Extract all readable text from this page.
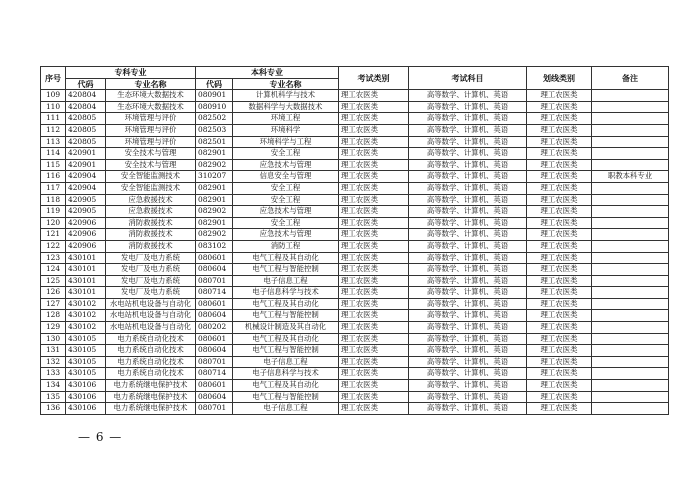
序号	专科专业		本科专业		考试类别	考试科目	划线类别	备注
	代码	专业名称	代码	专业名称				
109	420804	生态环境大数据技术	080901	计算机科学与技术	理工农医类	高等数学、计算机、英语	理工农医类	
110	420804	生态环境大数据技术	080910	数据科学与大数据技术	理工农医类	高等数学、计算机、英语	理工农医类	
111	420805	环境管理与评价	082502	环境工程	理工农医类	高等数学、计算机、英语	理工农医类	
112	420805	环境管理与评价	082503	环境科学	理工农医类	高等数学、计算机、英语	理工农医类	
113	420805	环境管理与评价	082501	环境科学与工程	理工农医类	高等数学、计算机、英语	理工农医类	
114	420901	安全技术与管理	082901	安全工程	理工农医类	高等数学、计算机、英语	理工农医类	
115	420901	安全技术与管理	082902	应急技术与管理	理工农医类	高等数学、计算机、英语	理工农医类	
116	420904	安全智能监测技术	310207	信息安全与管理	理工农医类	高等数学、计算机、英语	理工农医类	职教本科专业
117	420904	安全智能监测技术	082901	安全工程	理工农医类	高等数学、计算机、英语	理工农医类	
118	420905	应急救援技术	082901	安全工程	理工农医类	高等数学、计算机、英语	理工农医类	
119	420905	应急救援技术	082902	应急技术与管理	理工农医类	高等数学、计算机、英语	理工农医类	
120	420906	消防救援技术	082901	安全工程	理工农医类	高等数学、计算机、英语	理工农医类	
121	420906	消防救援技术	082902	应急技术与管理	理工农医类	高等数学、计算机、英语	理工农医类	
122	420906	消防救援技术	083102	消防工程	理工农医类	高等数学、计算机、英语	理工农医类	
123	430101	发电厂及电力系统	080601	电气工程及其自动化	理工农医类	高等数学、计算机、英语	理工农医类	
124	430101	发电厂及电力系统	080604	电气工程与智能控制	理工农医类	高等数学、计算机、英语	理工农医类	
125	430101	发电厂及电力系统	080701	电子信息工程	理工农医类	高等数学、计算机、英语	理工农医类	
126	430101	发电厂及电力系统	080714	电子信息科学与技术	理工农医类	高等数学、计算机、英语	理工农医类	
127	430102	水电站机电设备与自动化	080601	电气工程及其自动化	理工农医类	高等数学、计算机、英语	理工农医类	
128	430102	水电站机电设备与自动化	080604	电气工程与智能控制	理工农医类	高等数学、计算机、英语	理工农医类	
129	430102	水电站机电设备与自动化	080202	机械设计制造及其自动化	理工农医类	高等数学、计算机、英语	理工农医类	
130	430105	电力系统自动化技术	080601	电气工程及其自动化	理工农医类	高等数学、计算机、英语	理工农医类	
131	430105	电力系统自动化技术	080604	电气工程与智能控制	理工农医类	高等数学、计算机、英语	理工农医类	
132	430105	电力系统自动化技术	080701	电子信息工程	理工农医类	高等数学、计算机、英语	理工农医类	
133	430105	电力系统自动化技术	080714	电子信息科学与技术	理工农医类	高等数学、计算机、英语	理工农医类	
134	430106	电力系统继电保护技术	080601	电气工程及其自动化	理工农医类	高等数学、计算机、英语	理工农医类	
135	430106	电力系统继电保护技术	080604	电气工程与智能控制	理工农医类	高等数学、计算机、英语	理工农医类	
136	430106	电力系统继电保护技术	080701	电子信息工程	理工农医类	高等数学、计算机、英语	理工农医类	
— 6 —
